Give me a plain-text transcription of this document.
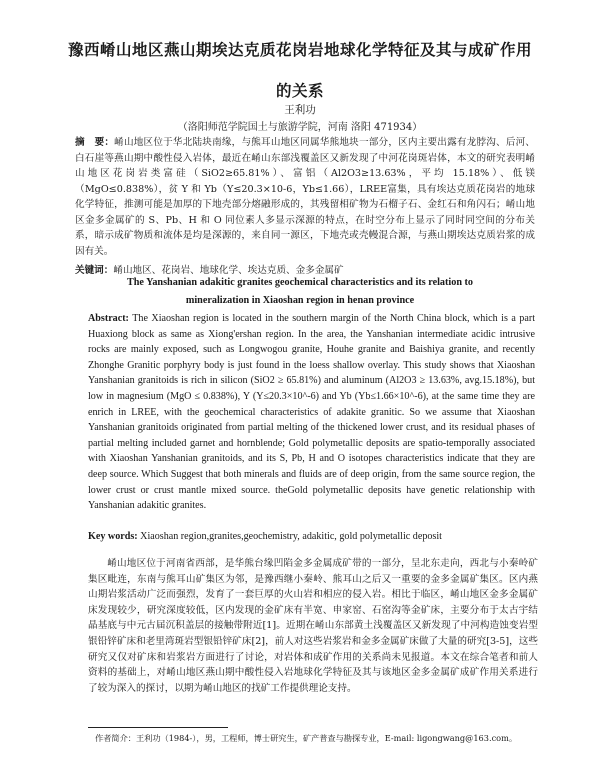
豫西崤山地区燕山期埃达克质花岗岩地球化学特征及其与成矿作用
的关系
王利功
（洛阳师范学院国土与旅游学院，河南 洛阳 471934）
摘　要：崤山地区位于华北陆块南缘，与熊耳山地区同属华熊地块一部分，区内主要出露有龙脖沟、后河、白石崖等燕山期中酸性侵入岩体，最近在崤山东部浅覆盖区又新发现了中河花岗斑岩体，本文的研究表明崤山地区花岗岩类富硅（SiO2≥65.81%）、富铝（Al2O3≥13.63%，平均 15.18%）、低镁（MgO≤0.838%），贫 Y 和 Yb（Y≤20.3×10-6，Yb≤1.66），LREE富集，具有埃达克质花岗岩的地球化学特征，推测可能是加厚的下地壳部分熔融形成的，其残留相矿物为石榴子石、金红石和角闪石；崤山地区金多金属矿的 S、Pb、H 和 O 同位素人多显示深源的特点，在时空分布上显示了同时同空间的分布关系，暗示成矿物质和流体是均是深源的，来自同一源区，下地壳或壳幔混合源，与燕山期埃达克质岩浆的成因有关。
关键词：崤山地区、花岗岩、地球化学、埃达克质、金多金属矿
The Yanshanian adakitic granites geochemical characteristics and its relation to
mineralization in Xiaoshan region in henan province
Abstract: The Xiaoshan region is located in the southern margin of the North China block, which is a part Huaxiong block as same as Xiong'ershan region. In the area, the Yanshanian intermediate acidic intrusive rocks are mainly exposed, such as Longwogou granite, Houhe granite and Baishiya granite, and recently Zhonghe Granitic porphyry body is just found in the loess shallow overlay. This study shows that Xiaoshan Yanshanian granitoids is rich in silicon (SiO2 ≥ 65.81%) and aluminum (Al2O3 ≥ 13.63%, avg.15.18%), but low in magnesium (MgO ≤ 0.838%), Y (Y≤20.3×10^-6) and Yb (Yb≤1.66×10^-6), at the same time they are enrich in LREE, with the geochemical characteristics of adakite granitic. So we assume that Xiaoshan Yanshanian granitoids originated from partial melting of the thickened lower crust, and its residual phases of partial melting included garnet and hornblende; Gold polymetallic deposits are spatio-temporally associated with Xiaoshan Yanshanian granitoids, and its S, Pb, H and O isotopes characteristics indicate that they are deep source. Which Suggest that both minerals and fluids are of deep origin, from the same source region, the lower crust or crust mantle mixed source. theGold polymetallic deposits have genetic relationship with Yanshanian adakitic granites.
Key words: Xiaoshan region,granites,geochemistry, adakitic, gold polymetallic deposit
崤山地区位于河南省西部，是华熊台缘凹陷金多金属成矿带的一部分，呈北东走向，西北与小秦岭矿集区毗连，东南与熊耳山矿集区为邻，是豫西继小秦岭、熊耳山之后又一重要的金多金属矿集区。区内燕山期岩浆活动广泛而强烈，发育了一套巨厚的火山岩和相应的侵入岩。相比于临区，崤山地区金多金属矿床发现较少，研究深度较低，区内发现的金矿床有半宽、申家窑、石窑沟等金矿床，主要分布于太古宇结晶基底与中元古届沉积盖层的接触带附近[1]。近期在崤山东部黄土浅覆盖区又新发现了中河构造蚀变岩型银铅锌矿床和老里湾斑岩型银铅锌矿床[2]，前人对这些岩浆岩和金多金属矿床做了大量的研究[3-5]，这些研究又仅对矿床和岩浆岩方面进行了讨论，对岩体和成矿作用的关系尚未见报道。本文在综合笔者和前人资料的基础上，对崤山地区燕山期中酸性侵入岩地球化学特征及其与该地区金多金属矿成矿作用关系进行了较为深入的探讨，以期为崤山地区的找矿工作提供理论支持。
作者简介：王利功（1984-），男，工程师，博士研究生，矿产普查与勘探专业，E-mail: ligongwang@163.com。
